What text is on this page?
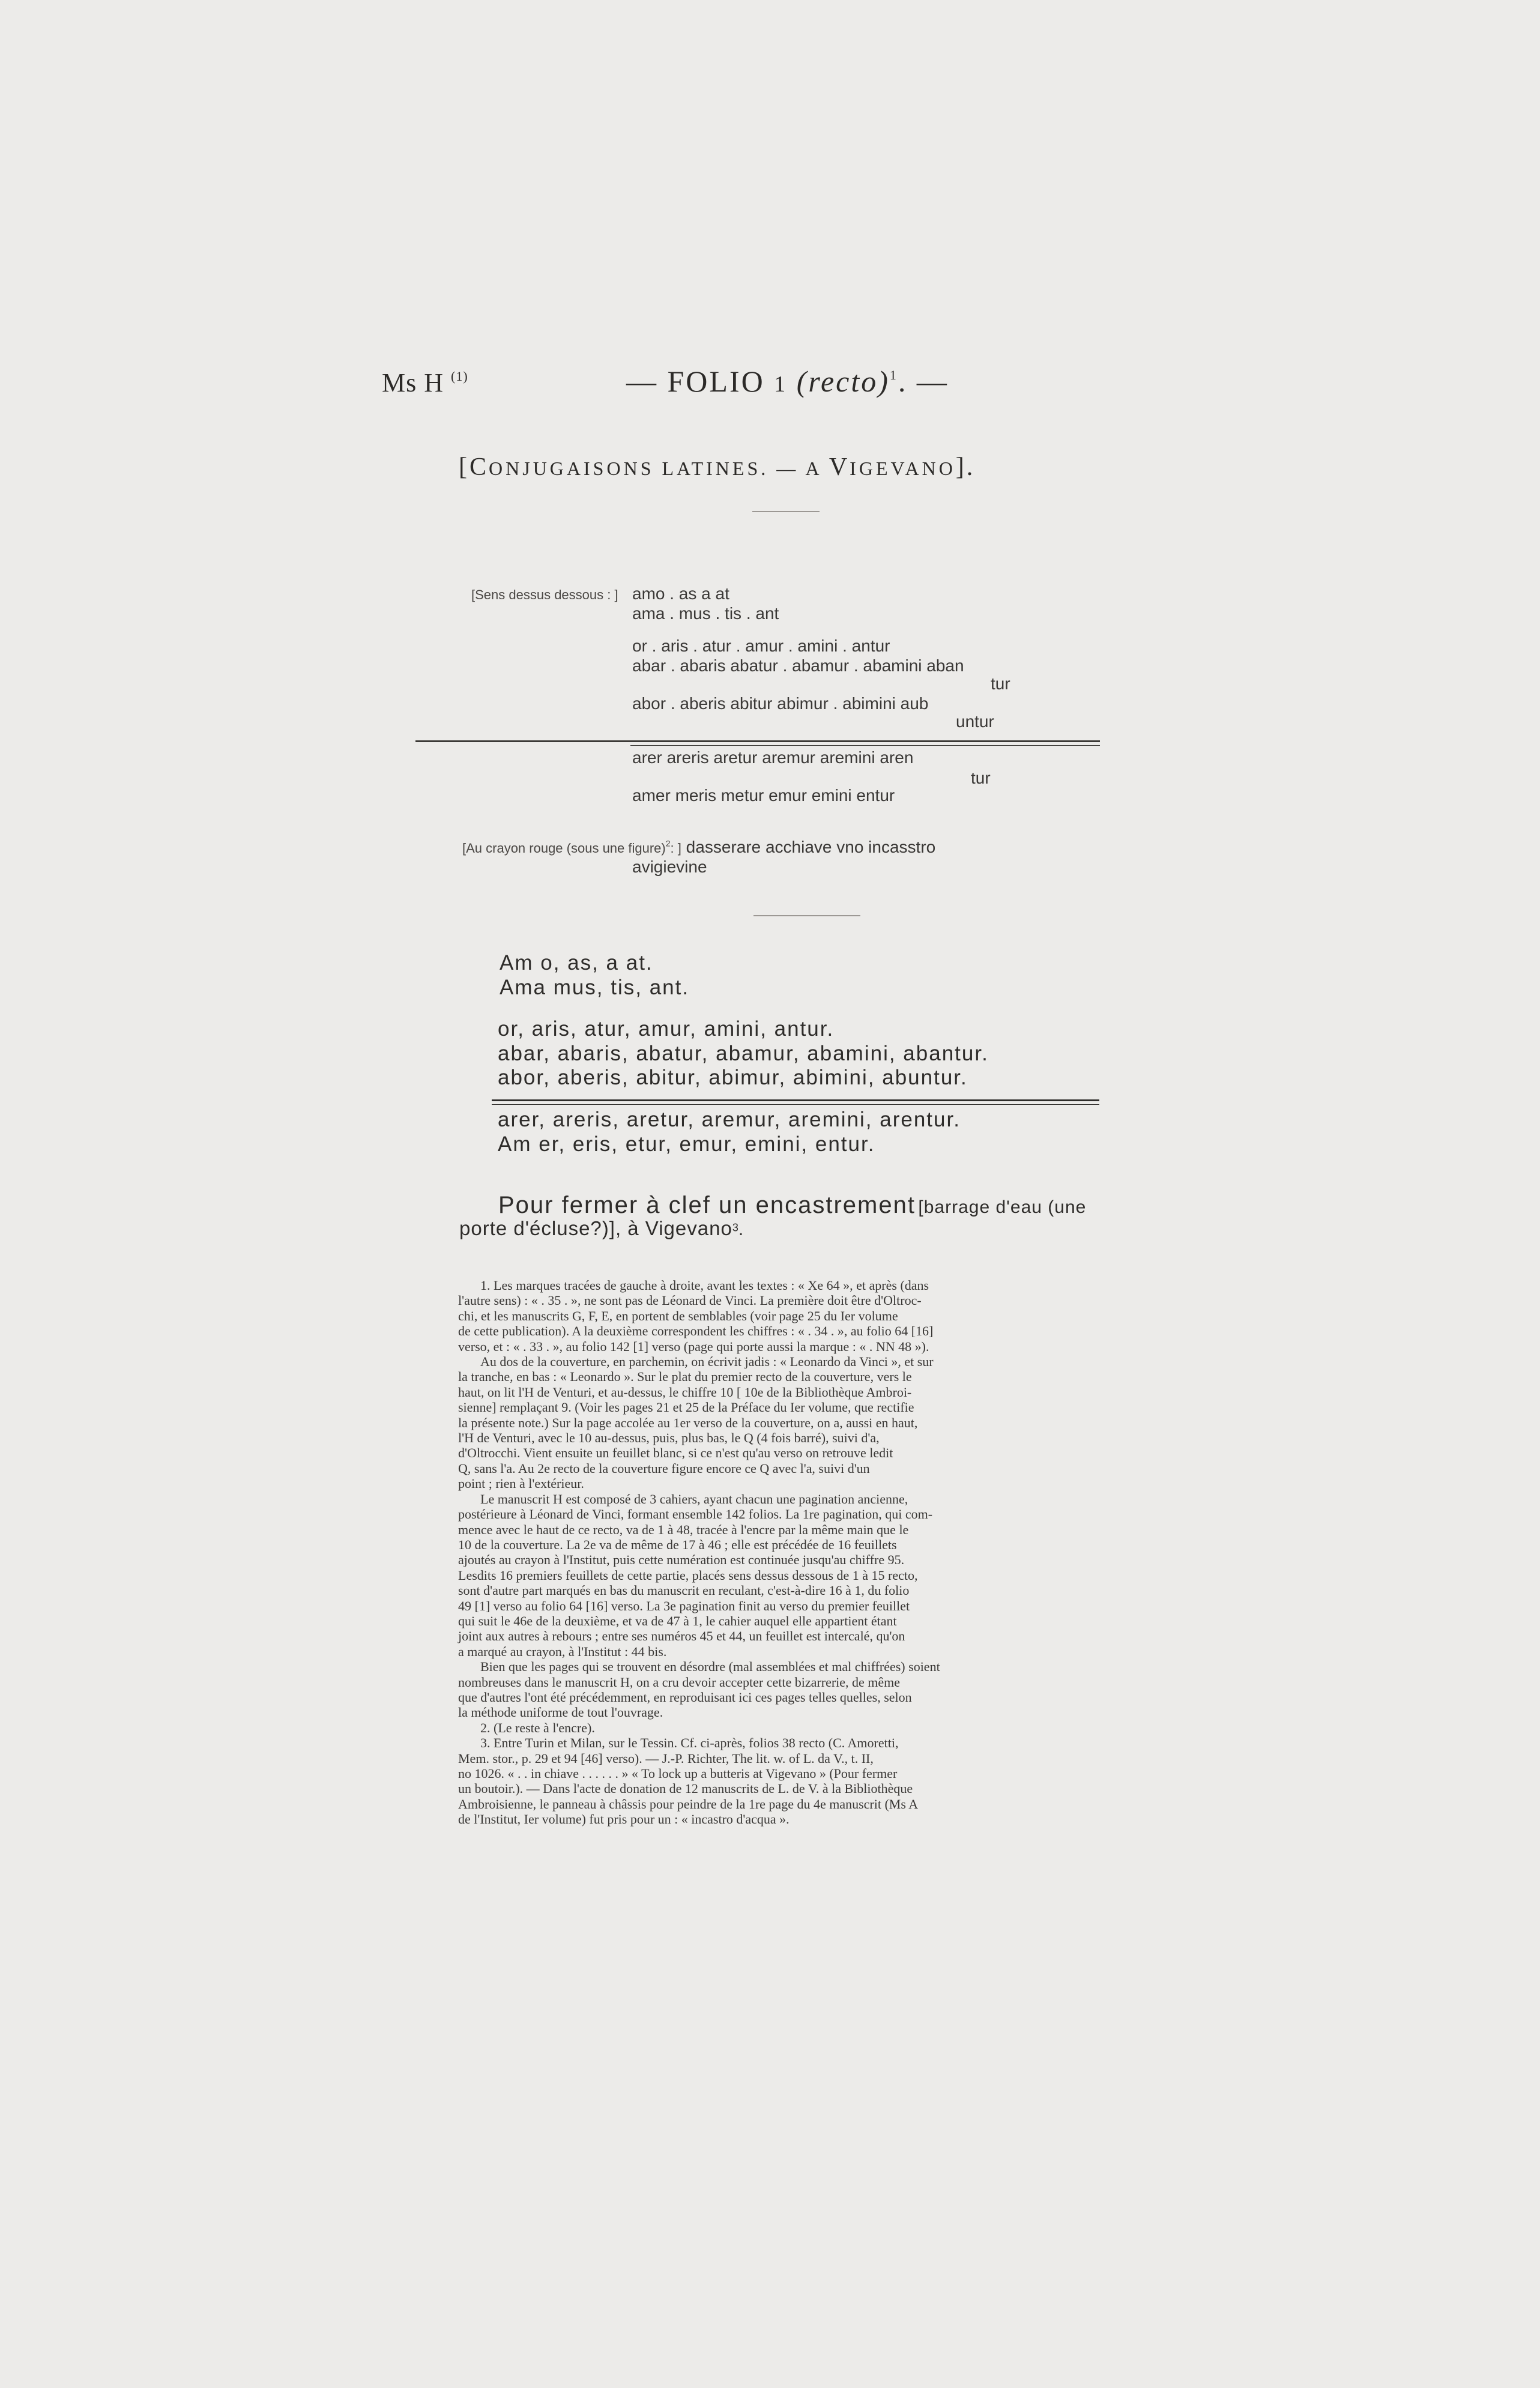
Ms H $^{(1)}$	— FOLIO 1 (recto)$^1$. —
[CONJUGAISONS LATINES. — A VIGEVANO].
[Sens dessus dessous : ] amo . as a at
ama . mus . tis . ant
or . aris . atur . amur . amini . antur
abar . abaris abatur . abamur . abamini aban
tur
abor . aberis abitur abimur . abimini aub
untur
arer areris aretur aremur aremini aren
tur
amer meris metur emur emini entur
[Au crayon rouge (sous une figure)$^2$: ] dasserare acchiave vno incasstro
avigievine
Am o, as, a at.
Ama mus, tis, ant.
or, aris, atur, amur, amini, antur.
abar, abaris, abatur, abamur, abamini, abantur.
abor, aberis, abitur, abimur, abimini, abuntur.
arer, areris, aretur, aremur, aremini, arentur.
Am er, eris, etur, emur, emini, entur.
Pour fermer à clef un encastrement [barrage d'eau (une
porte d'écluse?)], à Vigevano$^3$.
1. Les marques tracées de gauche à droite, avant les textes : « Xe 64 », et après (dans
l'autre sens) : « . 35 . », ne sont pas de Léonard de Vinci. La première doit être d'Oltroc-
chi, et les manuscrits G, F, E, en portent de semblables (voir page 25 du Ier volume
de cette publication). A la deuxième correspondent les chiffres : « . 34 . », au folio 64 [16]
verso, et : « . 33 . », au folio 142 [1] verso (page qui porte aussi la marque : « . NN 48 »).
Au dos de la couverture, en parchemin, on écrivit jadis : « Leonardo da Vinci », et sur
la tranche, en bas : « Leonardo ». Sur le plat du premier recto de la couverture, vers le
haut, on lit l'H de Venturi, et au-dessus, le chiffre 10 [ 10e de la Bibliothèque Ambroi-
sienne] remplaçant 9. (Voir les pages 21 et 25 de la Préface du Ier volume, que rectifie
la présente note.) Sur la page accolée au 1er verso de la couverture, on a, aussi en haut,
l'H de Venturi, avec le 10 au-dessus, puis, plus bas, le Q (4 fois barré), suivi d'a,
d'Oltrocchi. Vient ensuite un feuillet blanc, si ce n'est qu'au verso on retrouve ledit
Q, sans l'a. Au 2e recto de la couverture figure encore ce Q avec l'a, suivi d'un
point ; rien à l'extérieur.
Le manuscrit H est composé de 3 cahiers, ayant chacun une pagination ancienne,
postérieure à Léonard de Vinci, formant ensemble 142 folios. La 1re pagination, qui com-
mence avec le haut de ce recto, va de 1 à 48, tracée à l'encre par la même main que le
10 de la couverture. La 2e va de même de 17 à 46 ; elle est précédée de 16 feuillets
ajoutés au crayon à l'Institut, puis cette numération est continuée jusqu'au chiffre 95.
Lesdits 16 premiers feuillets de cette partie, placés sens dessus dessous de 1 à 15 recto,
sont d'autre part marqués en bas du manuscrit en reculant, c'est-à-dire 16 à 1, du folio
49 [1] verso au folio 64 [16] verso. La 3e pagination finit au verso du premier feuillet
qui suit le 46e de la deuxième, et va de 47 à 1, le cahier auquel elle appartient étant
joint aux autres à rebours ; entre ses numéros 45 et 44, un feuillet est intercalé, qu'on
a marqué au crayon, à l'Institut : 44 bis.
Bien que les pages qui se trouvent en désordre (mal assemblées et mal chiffrées) soient
nombreuses dans le manuscrit H, on a cru devoir accepter cette bizarrerie, de même
que d'autres l'ont été précédemment, en reproduisant ici ces pages telles quelles, selon
la méthode uniforme de tout l'ouvrage.
2. (Le reste à l'encre).
3. Entre Turin et Milan, sur le Tessin. Cf. ci-après, folios 38 recto (C. Amoretti,
Mem. stor., p. 29 et 94 [46] verso). — J.-P. Richter, The lit. w. of L. da V., t. II,
no 1026. « . . in chiave . . . . . . » « To lock up a butteris at Vigevano » (Pour fermer
un boutoir.). — Dans l'acte de donation de 12 manuscrits de L. de V. à la Bibliothèque
Ambroisienne, le panneau à châssis pour peindre de la 1re page du 4e manuscrit (Ms A
de l'Institut, Ier volume) fut pris pour un : « incastro d'acqua ».
